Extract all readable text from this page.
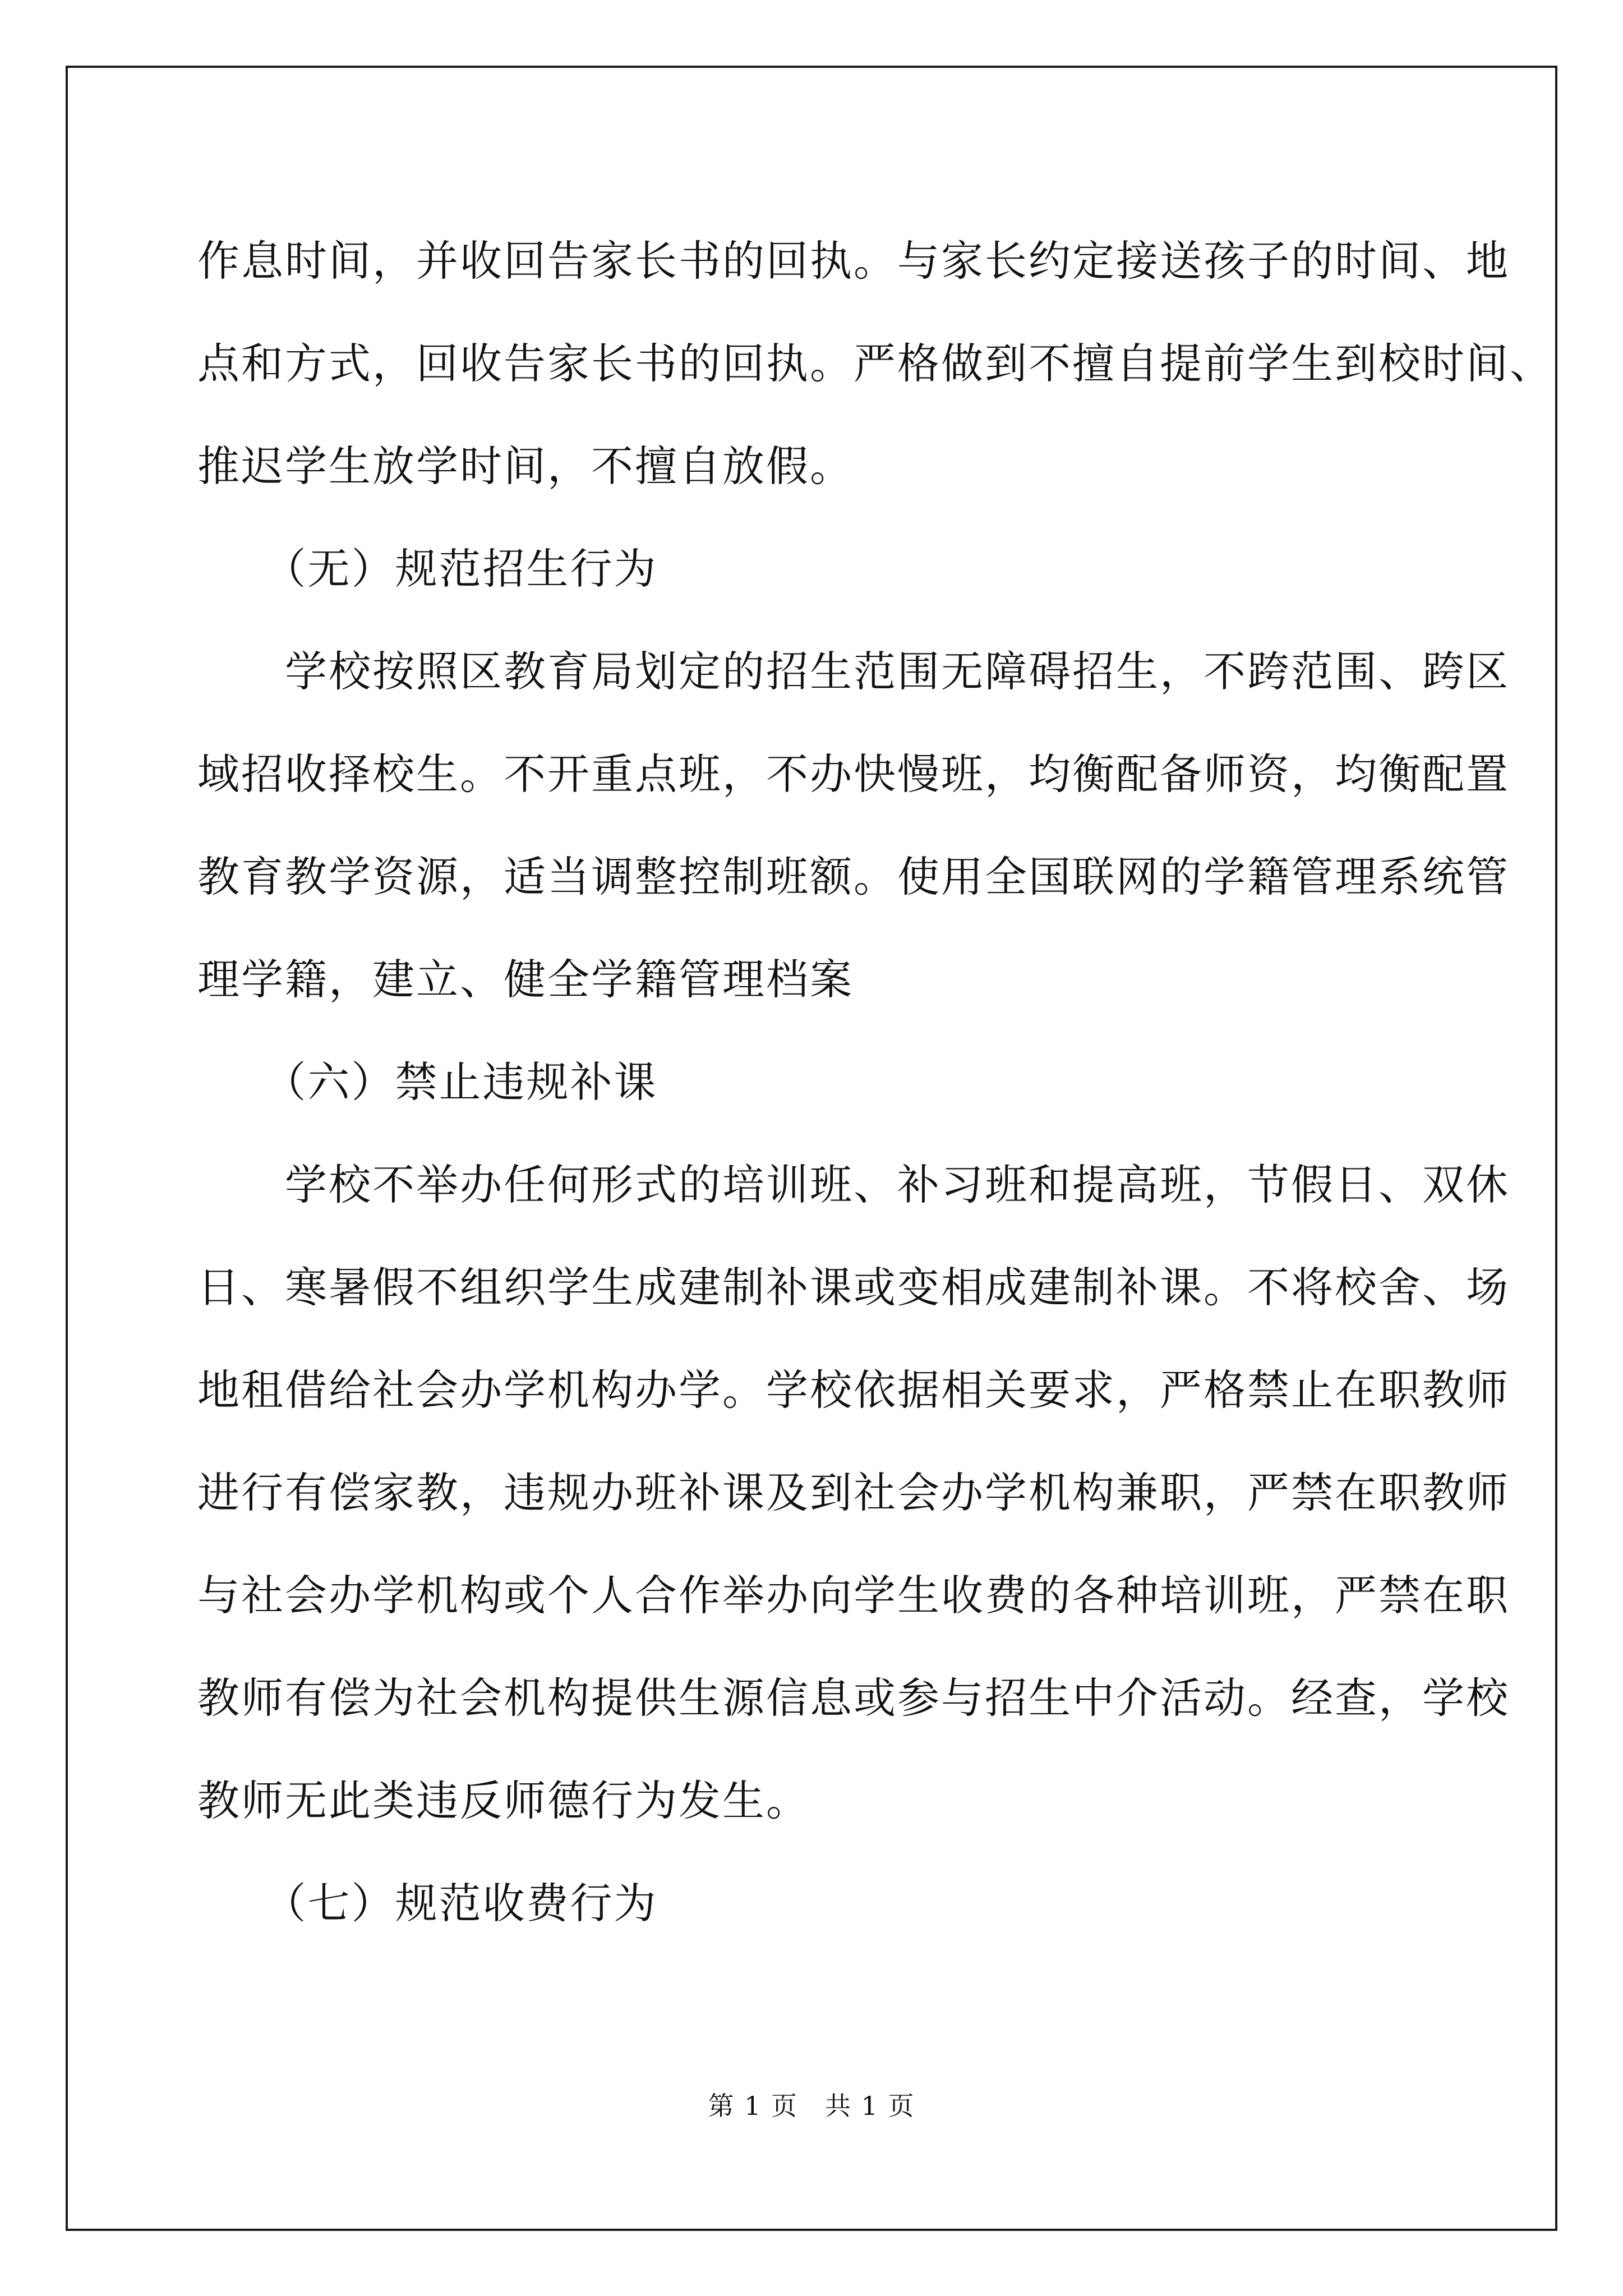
作息时间，并收回告家长书的回执。与家长约定接送孩子的时间、地
点和方式，回收告家长书的回执。严格做到不擅自提前学生到校时间、
推迟学生放学时间，不擅自放假。
　　（无）规范招生行为
　　学校按照区教育局划定的招生范围无障碍招生，不跨范围、跨区
域招收择校生。不开重点班，不办快慢班，均衡配备师资，均衡配置
教育教学资源，适当调整控制班额。使用全国联网的学籍管理系统管
理学籍，建立、健全学籍管理档案
　　（六）禁止违规补课
　　学校不举办任何形式的培训班、补习班和提高班，节假日、双休
日、寒暑假不组织学生成建制补课或变相成建制补课。不将校舍、场
地租借给社会办学机构办学。学校依据相关要求，严格禁止在职教师
进行有偿家教，违规办班补课及到社会办学机构兼职，严禁在职教师
与社会办学机构或个人合作举办向学生收费的各种培训班，严禁在职
教师有偿为社会机构提供生源信息或参与招生中介活动。经查，学校
教师无此类违反师德行为发生。
　　（七）规范收费行为
第 1 页　共 1 页
